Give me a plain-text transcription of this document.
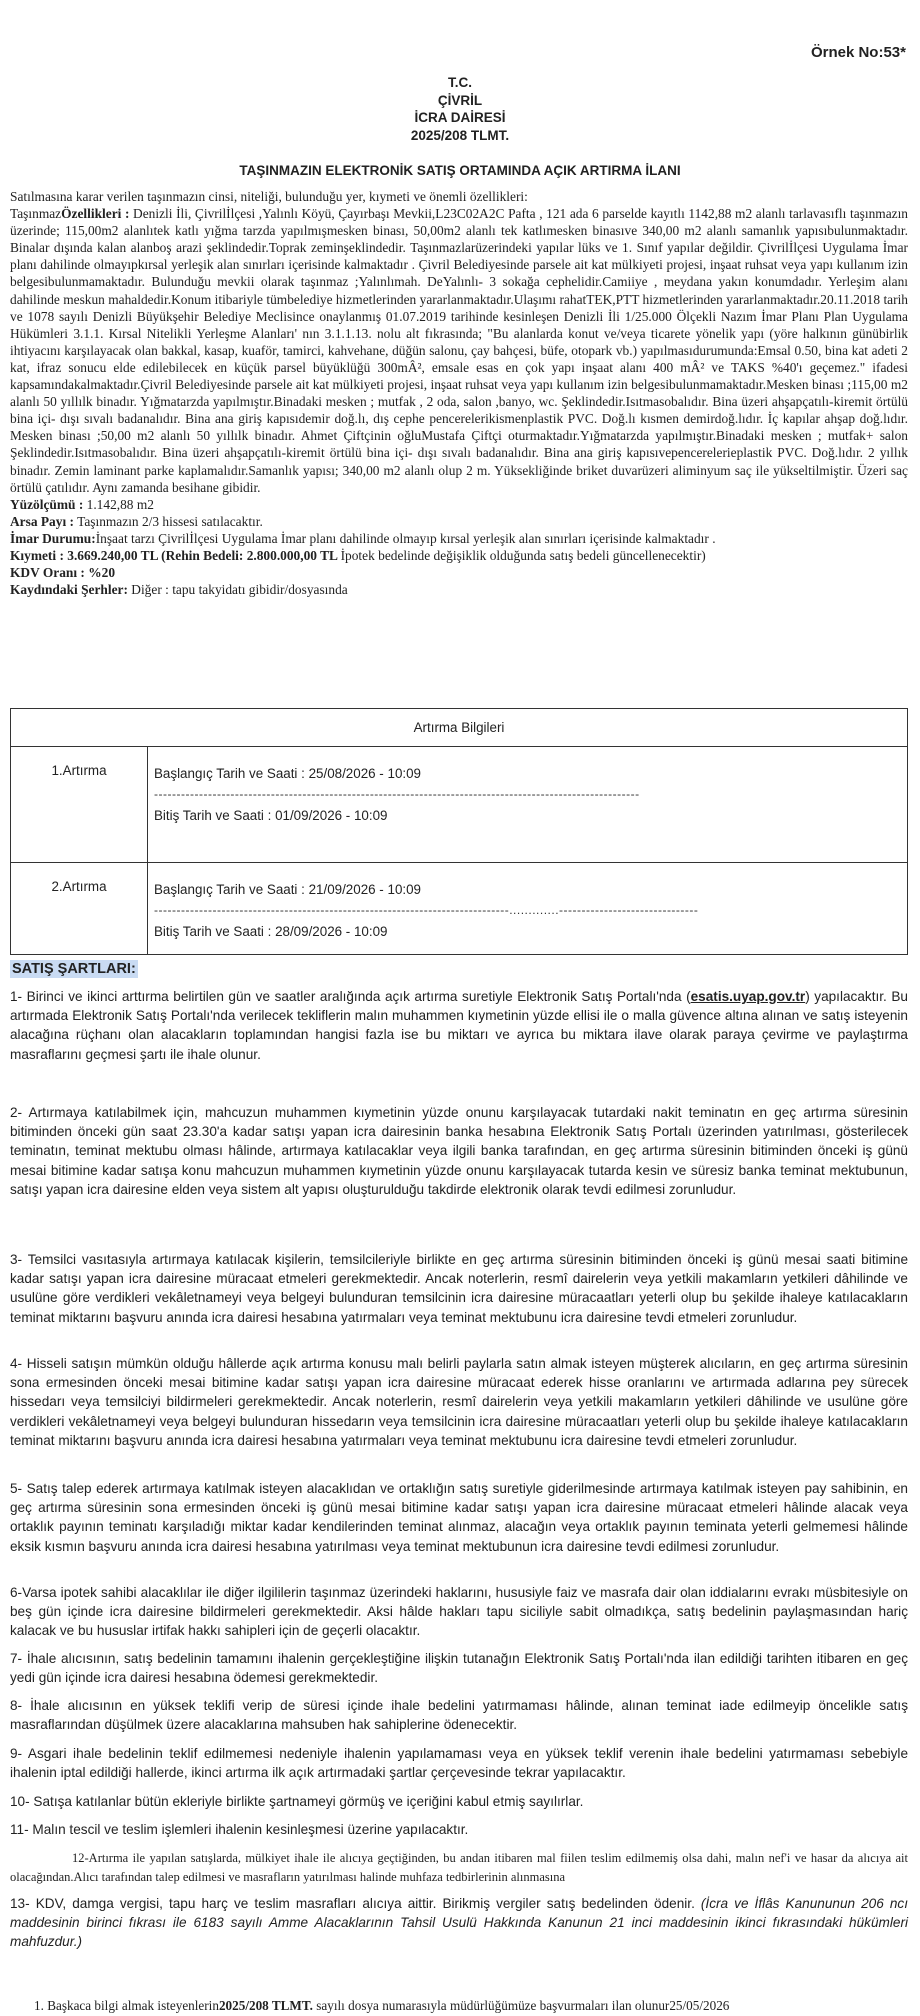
Örnek No:53*
T.C.
ÇİVRİL
İCRA DAİRESİ
2025/208 TLMT.
TAŞINMAZIN ELEKTRONİK SATIŞ ORTAMINDA AÇIK ARTIRMA İLANI

Satılmasına karar verilen taşınmazın cinsi, niteliği, bulunduğu yer, kıymeti ve önemli özellikleri:

TaşınmazÖzellikleri : Denizli İli, Çivrilİlçesi ,Yalınlı Köyü, Çayırbaşı Mevkii,L23C02A2C Pafta , 121 ada 6 parselde kayıtlı 1142,88 m2 alanlı tarlavasıflı taşınmazın üzerinde; 115,00m2 alanlıtek katlı yığma tarzda yapılmışmesken binası, 50,00m2 alanlı tek katlımesken binasıve 340,00 m2 alanlı samanlık yapısıbulunmaktadır. Binalar dışında kalan alanboş arazi şeklindedir.Toprak zeminşeklindedir. Taşınmazlarüzerindeki yapılar lüks ve 1. Sınıf yapılar değildir. Çivrilİlçesi Uygulama İmar planı dahilinde olmayıpkırsal yerleşik alan sınırları içerisinde kalmaktadır . Çivril Belediyesinde parsele ait kat mülkiyeti projesi, inşaat ruhsat veya yapı kullanım izin belgesibulunmamaktadır. Bulunduğu mevkii olarak taşınmaz ;Yalınlımah. DeYalınlı- 3 sokağa cephelidir.Camiiye , meydana yakın konumdadır. Yerleşim alanı dahilinde meskun mahaldedir.Konum itibariyle tümbelediye hizmetlerinden yararlanmaktadır.Ulaşımı rahatTEK,PTT hizmetlerinden yararlanmaktadır.20.11.2018 tarih ve 1078 sayılı Denizli Büyükşehir Belediye Meclisince onaylanmış 01.07.2019 tarihinde kesinleşen Denizli İli 1/25.000 Ölçekli Nazım İmar Planı Plan Uygulama Hükümleri 3.1.1. Kırsal Nitelikli Yerleşme Alanları' nın 3.1.1.13. nolu alt fıkrasında; "Bu alanlarda konut ve/veya ticarete yönelik yapı (yöre halkının günübirlik ihtiyacını karşılayacak olan bakkal, kasap, kuaför, tamirci, kahvehane, düğün salonu, çay bahçesi, büfe, otopark vb.) yapılmasıdurumunda:Emsal 0.50, bina kat adeti 2 kat, ifraz sonucu elde edilebilecek en küçük parsel büyüklüğü 300mÂ², emsale esas en çok yapı inşaat alanı 400 mÂ² ve TAKS %40'ı geçemez." ifadesi kapsamındakalmaktadır.Çivril Belediyesinde parsele ait kat mülkiyeti projesi, inşaat ruhsat veya yapı kullanım izin belgesibulunmamaktadır.Mesken binası ;115,00 m2 alanlı 50 yıllılk binadır. Yığmatarzda yapılmıştır.Binadaki mesken ; mutfak , 2 oda, salon ,banyo, wc. Şeklindedir.Isıtmasobalıdır. Bina üzeri ahşapçatılı-kiremit örtülü bina içi- dışı sıvalı badanalıdır. Bina ana giriş kapısıdemir doğ.lı, dış cephe pencerelerikismenplastik PVC. Doğ.lı kısmen demirdoğ.lıdır. İç kapılar ahşap doğ.lıdır. Mesken binası ;50,00 m2 alanlı 50 yıllılk binadır. Ahmet Çiftçinin oğluMustafa Çiftçi oturmaktadır.Yığmatarzda yapılmıştır.Binadaki mesken ; mutfak+ salon Şeklindedir.Isıtmasobalıdır. Bina üzeri ahşapçatılı-kiremit örtülü bina içi- dışı sıvalı badanalıdır. Bina ana giriş kapısıvepencerelerieplastik PVC. Doğ.lıdır. 2 yıllık binadır. Zemin laminant parke kaplamalıdır.Samanlık yapısı; 340,00 m2 alanlı olup 2 m. Yüksekliğinde briket duvarüzeri aliminyum saç ile yükseltilmiştir. Üzeri saç örtülü çatılıdır. Aynı zamanda besihane gibidir.

Yüzölçümü : 1.142,88 m2

Arsa Payı : Taşınmazın 2/3 hissesi satılacaktır.

İmar Durumu:İnşaat tarzı Çivrilİlçesi Uygulama İmar planı dahilinde olmayıp kırsal yerleşik alan sınırları içerisinde kalmaktadır .

Kıymeti : 3.669.240,00 TL (Rehin Bedeli: 2.800.000,00 TL İpotek bedelinde değişiklik olduğunda satış bedeli güncellenecektir)

KDV Oranı : %20

Kaydındaki Şerhler: Diğer : tapu takyidatı gibidir/dosyasında

Artırma Bilgileri	
1.Artırma	Başlangıç Tarih ve Saati : 25/08/2026 - 10:09
------------------------------------------------------------------------------------------------------------
Bitiş Tarih ve Saati : 01/09/2026 - 10:09

2.Artırma	Başlangıç Tarih ve Saati : 21/09/2026 - 10:09
-------------------------------------------------------------------------------.............-------------------------------
Bitiş Tarih ve Saati : 28/09/2026 - 10:09
SATIŞ ŞARTLARI:

1- Birinci ve ikinci arttırma belirtilen gün ve saatler aralığında açık artırma suretiyle Elektronik Satış Portalı'nda (esatis.uyap.gov.tr) yapılacaktır. Bu artırmada Elektronik Satış Portalı'nda verilecek tekliflerin malın muhammen kıymetinin yüzde ellisi ile o malla güvence altına alınan ve satış isteyenin alacağına rüçhanı olan alacakların toplamından hangisi fazla ise bu miktarı ve ayrıca bu miktara ilave olarak paraya çevirme ve paylaştırma masraflarını geçmesi şartı ile ihale olunur.

2- Artırmaya katılabilmek için, mahcuzun muhammen kıymetinin yüzde onunu karşılayacak tutardaki nakit teminatın en geç artırma süresinin bitiminden önceki gün saat 23.30'a kadar satışı yapan icra dairesinin banka hesabına Elektronik Satış Portalı üzerinden yatırılması, gösterilecek teminatın, teminat mektubu olması hâlinde, artırmaya katılacaklar veya ilgili banka tarafından, en geç artırma süresinin bitiminden önceki iş günü mesai bitimine kadar satışa konu mahcuzun muhammen kıymetinin yüzde onunu karşılayacak tutarda kesin ve süresiz banka teminat mektubunun, satışı yapan icra dairesine elden veya sistem alt yapısı oluşturulduğu takdirde elektronik olarak tevdi edilmesi zorunludur.

3- Temsilci vasıtasıyla artırmaya katılacak kişilerin, temsilcileriyle birlikte en geç artırma süresinin bitiminden önceki iş günü mesai saati bitimine kadar satışı yapan icra dairesine müracaat etmeleri gerekmektedir. Ancak noterlerin, resmî dairelerin veya yetkili makamların yetkileri dâhilinde ve usulüne göre verdikleri vekâletnameyi veya belgeyi bulunduran temsilcinin icra dairesine müracaatları yeterli olup bu şekilde ihaleye katılacakların teminat miktarını başvuru anında icra dairesi hesabına yatırmaları veya teminat mektubunu icra dairesine tevdi etmeleri zorunludur.

4- Hisseli satışın mümkün olduğu hâllerde açık artırma konusu malı belirli paylarla satın almak isteyen müşterek alıcıların, en geç artırma süresinin sona ermesinden önceki mesai bitimine kadar satışı yapan icra dairesine müracaat ederek hisse oranlarını ve artırmada adlarına pey sürecek hissedarı veya temsilciyi bildirmeleri gerekmektedir. Ancak noterlerin, resmî dairelerin veya yetkili makamların yetkileri dâhilinde ve usulüne göre verdikleri vekâletnameyi veya belgeyi bulunduran hissedarın veya temsilcinin icra dairesine müracaatları yeterli olup bu şekilde ihaleye katılacakların teminat miktarını başvuru anında icra dairesi hesabına yatırmaları veya teminat mektubunu icra dairesine tevdi etmeleri zorunludur.

5- Satış talep ederek artırmaya katılmak isteyen alacaklıdan ve ortaklığın satış suretiyle giderilmesinde artırmaya katılmak isteyen pay sahibinin, en geç artırma süresinin sona ermesinden önceki iş günü mesai bitimine kadar satışı yapan icra dairesine müracaat etmeleri hâlinde alacak veya ortaklık payının teminatı karşıladığı miktar kadar kendilerinden teminat alınmaz, alacağın veya ortaklık payının teminata yeterli gelmemesi hâlinde eksik kısmın başvuru anında icra dairesi hesabına yatırılması veya teminat mektubunun icra dairesine tevdi edilmesi zorunludur.

6-Varsa ipotek sahibi alacaklılar ile diğer ilgililerin taşınmaz üzerindeki haklarını, hususiyle faiz ve masrafa dair olan iddialarını evrakı müsbitesiyle on beş gün içinde icra dairesine bildirmeleri gerekmektedir. Aksi hâlde hakları tapu siciliyle sabit olmadıkça, satış bedelinin paylaşmasından hariç kalacak ve bu hususlar irtifak hakkı sahipleri için de geçerli olacaktır.

7- İhale alıcısının, satış bedelinin tamamını ihalenin gerçekleştiğine ilişkin tutanağın Elektronik Satış Portalı'nda ilan edildiği tarihten itibaren en geç yedi gün içinde icra dairesi hesabına ödemesi gerekmektedir.

8- İhale alıcısının en yüksek teklifi verip de süresi içinde ihale bedelini yatırmaması hâlinde, alınan teminat iade edilmeyip öncelikle satış masraflarından düşülmek üzere alacaklarına mahsuben hak sahiplerine ödenecektir.

9- Asgari ihale bedelinin teklif edilmemesi nedeniyle ihalenin yapılamaması veya en yüksek teklif verenin ihale bedelini yatırmaması sebebiyle ihalenin iptal edildiği hallerde, ikinci artırma ilk açık artırmadaki şartlar çerçevesinde tekrar yapılacaktır.

10- Satışa katılanlar bütün ekleriyle birlikte şartnameyi görmüş ve içeriğini kabul etmiş sayılırlar.

11- Malın tescil ve teslim işlemleri ihalenin kesinleşmesi üzerine yapılacaktır.

12-Artırma ile yapılan satışlarda, mülkiyet ihale ile alıcıya geçtiğinden, bu andan itibaren mal fiilen teslim edilmemiş olsa dahi, malın nef'i ve hasar da alıcıya ait olacağından.Alıcı tarafından talep edilmesi ve masrafların yatırılması halinde muhfaza tedbirlerinin alınmasına

13- KDV, damga vergisi, tapu harç ve teslim masrafları alıcıya aittir. Birikmiş vergiler satış bedelinden ödenir. (İcra ve İflâs Kanununun 206 ncı maddesinin birinci fıkrası ile 6183 sayılı Amme Alacaklarının Tahsil Usulü Hakkında Kanunun 21 inci maddesinin ikinci fıkrasındaki hükümleri mahfuzdur.)

1. Başkaca bilgi almak isteyenlerin2025/208 TLMT. sayılı dosya numarasıyla müdürlüğümüze başvurmaları ilan olunur25/05/2026
